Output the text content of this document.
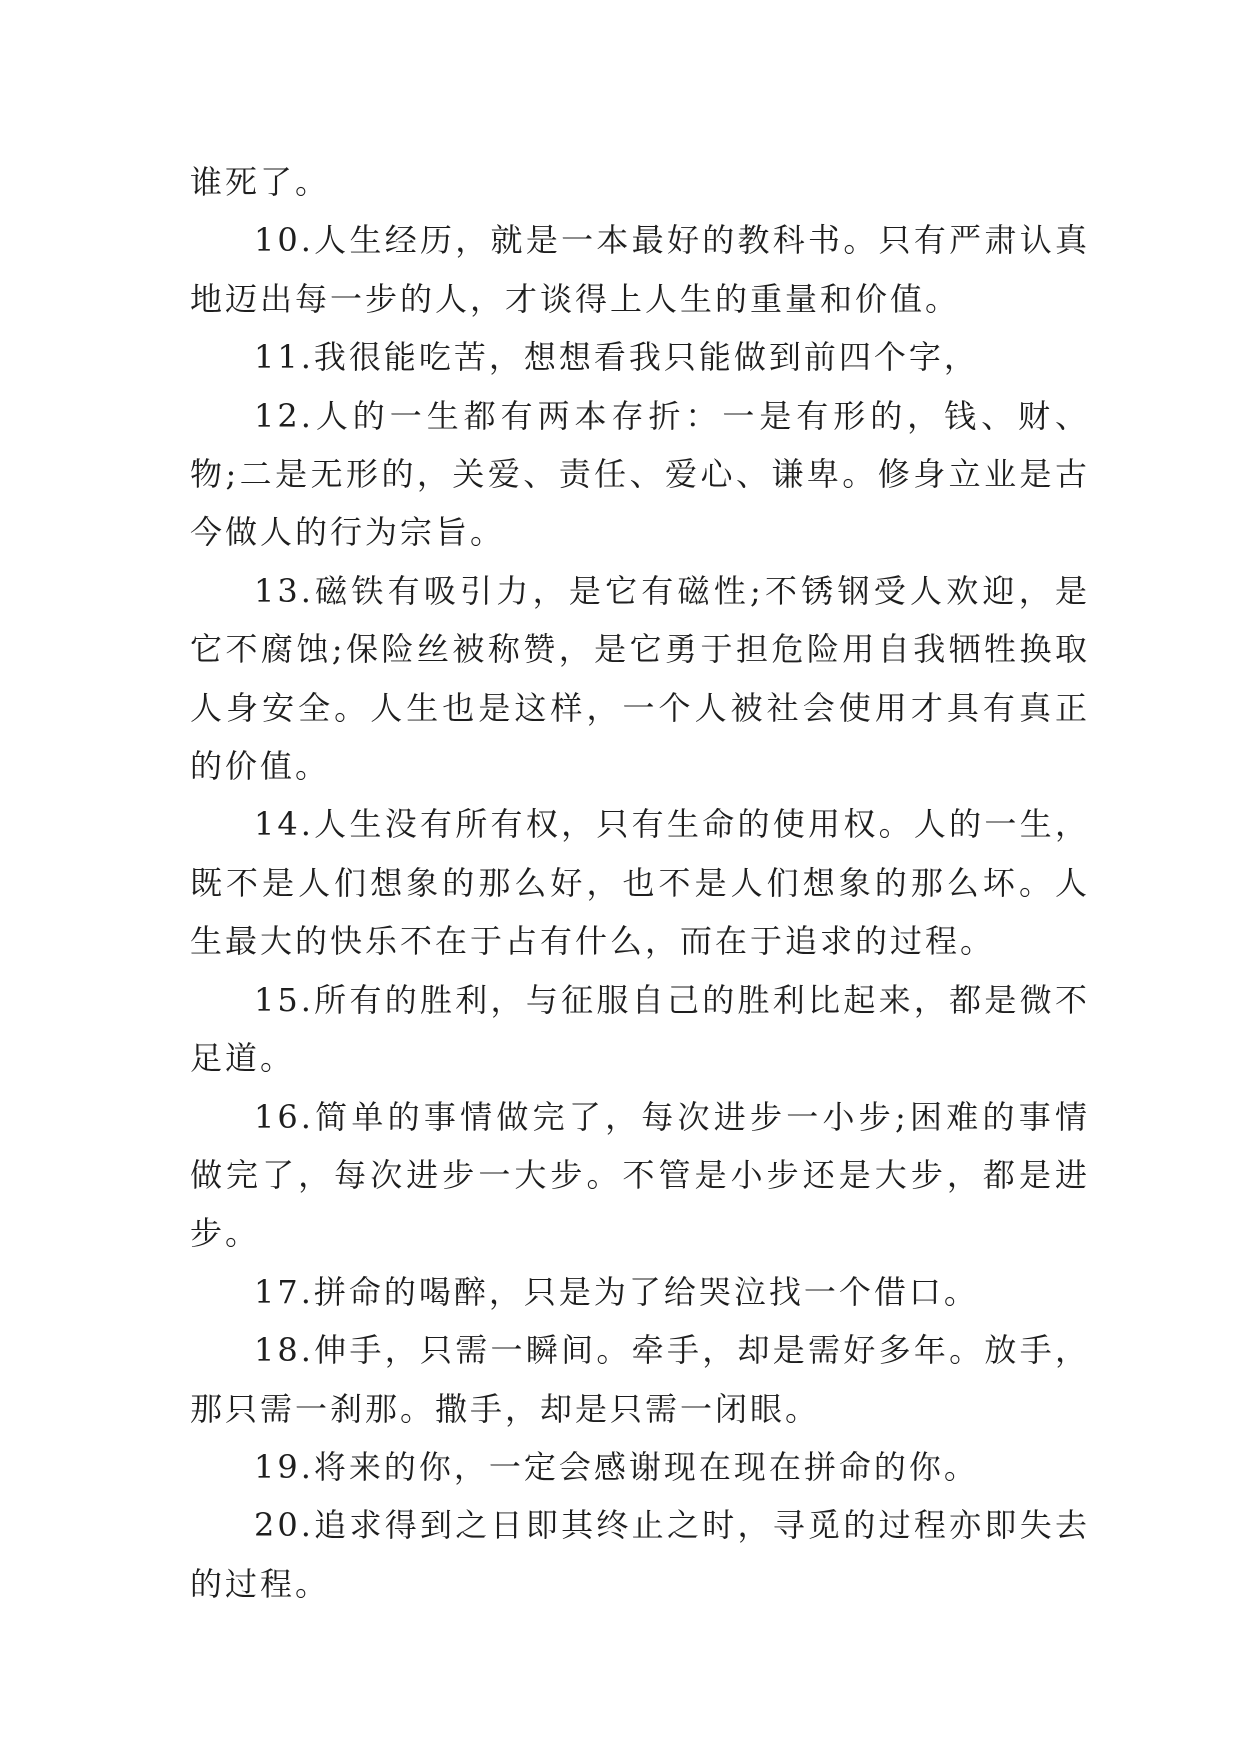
谁死了。

10.人生经历，就是一本最好的教科书。只有严肃认真地迈出每一步的人，才谈得上人生的重量和价值。

11.我很能吃苦，想想看我只能做到前四个字，

12.人的一生都有两本存折：一是有形的，钱、财、物;二是无形的，关爱、责任、爱心、谦卑。修身立业是古今做人的行为宗旨。

13.磁铁有吸引力，是它有磁性;不锈钢受人欢迎，是它不腐蚀;保险丝被称赞，是它勇于担危险用自我牺牲换取人身安全。人生也是这样，一个人被社会使用才具有真正的价值。

14.人生没有所有权，只有生命的使用权。人的一生，既不是人们想象的那么好，也不是人们想象的那么坏。人生最大的快乐不在于占有什么，而在于追求的过程。

15.所有的胜利，与征服自己的胜利比起来，都是微不足道。

16.简单的事情做完了，每次进步一小步;困难的事情做完了，每次进步一大步。不管是小步还是大步，都是进步。

17.拼命的喝醉，只是为了给哭泣找一个借口。

18.伸手，只需一瞬间。牵手，却是需好多年。放手，那只需一刹那。撒手，却是只需一闭眼。

19.将来的你，一定会感谢现在现在拼命的你。

20.追求得到之日即其终止之时，寻觅的过程亦即失去的过程。
